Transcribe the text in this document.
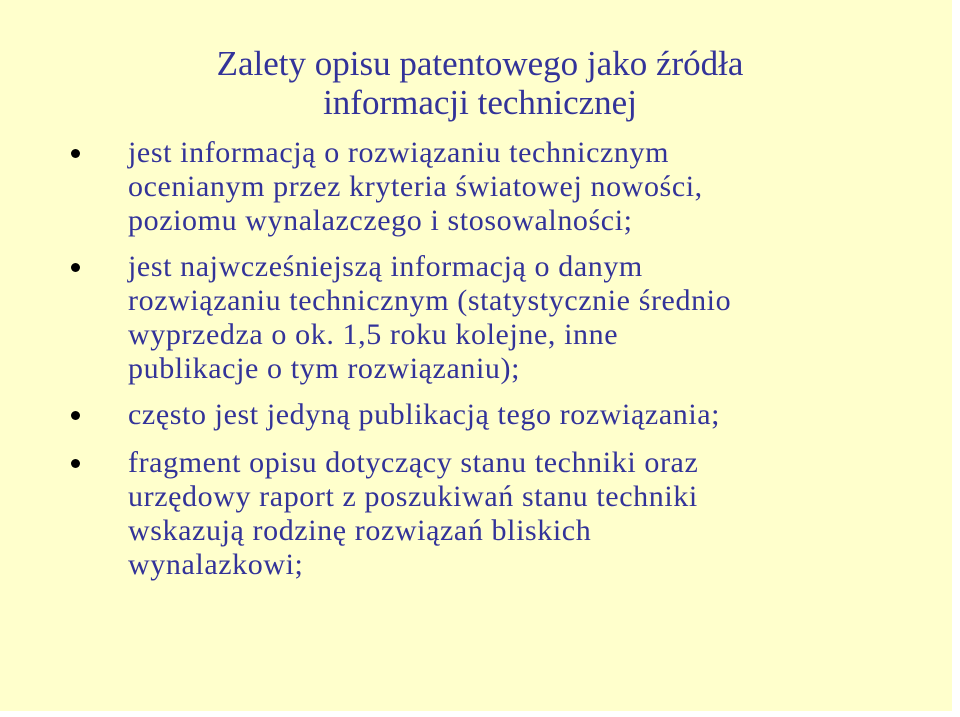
Zalety opisu patentowego jako źródła
informacji technicznej
jest informacją o rozwiązaniu technicznym
ocenianym przez kryteria światowej nowości,
poziomu wynalazczego i stosowalności;
jest najwcześniejszą informacją o danym
rozwiązaniu technicznym (statystycznie średnio
wyprzedza o ok. 1,5 roku kolejne, inne
publikacje o tym rozwiązaniu);
często jest jedyną publikacją tego rozwiązania;
fragment opisu dotyczący stanu techniki oraz
urzędowy raport z poszukiwań stanu techniki
wskazują rodzinę rozwiązań bliskich
wynalazkowi;
